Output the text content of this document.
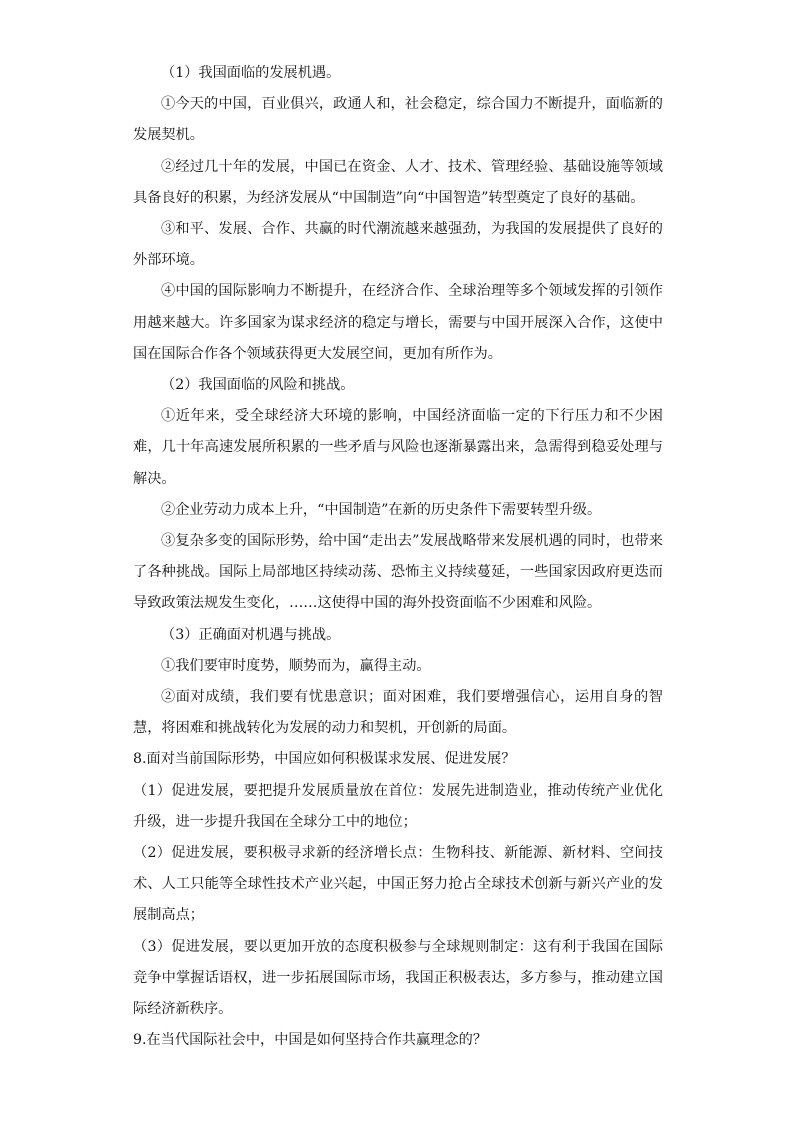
（1）我国面临的发展机遇。

①今天的中国，百业俱兴，政通人和，社会稳定，综合国力不断提升，面临新的发展契机。

②经过几十年的发展，中国已在资金、人才、技术、管理经验、基础设施等领域具备良好的积累，为经济发展从“中国制造”向“中国智造”转型奠定了良好的基础。

③和平、发展、合作、共赢的时代潮流越来越强劲，为我国的发展提供了良好的外部环境。

④中国的国际影响力不断提升，在经济合作、全球治理等多个领域发挥的引领作用越来越大。许多国家为谋求经济的稳定与增长，需要与中国开展深入合作，这使中国在国际合作各个领域获得更大发展空间，更加有所作为。

（2）我国面临的风险和挑战。

①近年来，受全球经济大环境的影响，中国经济面临一定的下行压力和不少困难，几十年高速发展所积累的一些矛盾与风险也逐渐暴露出来，急需得到稳妥处理与解决。

②企业劳动力成本上升，“中国制造”在新的历史条件下需要转型升级。

③复杂多变的国际形势，给中国“走出去”发展战略带来发展机遇的同时，也带来了各种挑战。国际上局部地区持续动荡、恐怖主义持续蔓延，一些国家因政府更迭而导致政策法规发生变化，……这使得中国的海外投资面临不少困难和风险。

（3）正确面对机遇与挑战。

①我们要审时度势，顺势而为，赢得主动。

②面对成绩，我们要有忧患意识；面对困难，我们要增强信心，运用自身的智慧，将困难和挑战转化为发展的动力和契机，开创新的局面。

8.面对当前国际形势，中国应如何积极谋求发展、促进发展？

（1）促进发展，要把提升发展质量放在首位：发展先进制造业，推动传统产业优化升级，进一步提升我国在全球分工中的地位；

（2）促进发展，要积极寻求新的经济增长点：生物科技、新能源、新材料、空间技术、人工只能等全球性技术产业兴起，中国正努力抢占全球技术创新与新兴产业的发展制高点；

（3）促进发展，要以更加开放的态度积极参与全球规则制定：这有利于我国在国际竞争中掌握话语权，进一步拓展国际市场，我国正积极表达，多方参与，推动建立国际经济新秩序。

9.在当代国际社会中，中国是如何坚持合作共赢理念的？
